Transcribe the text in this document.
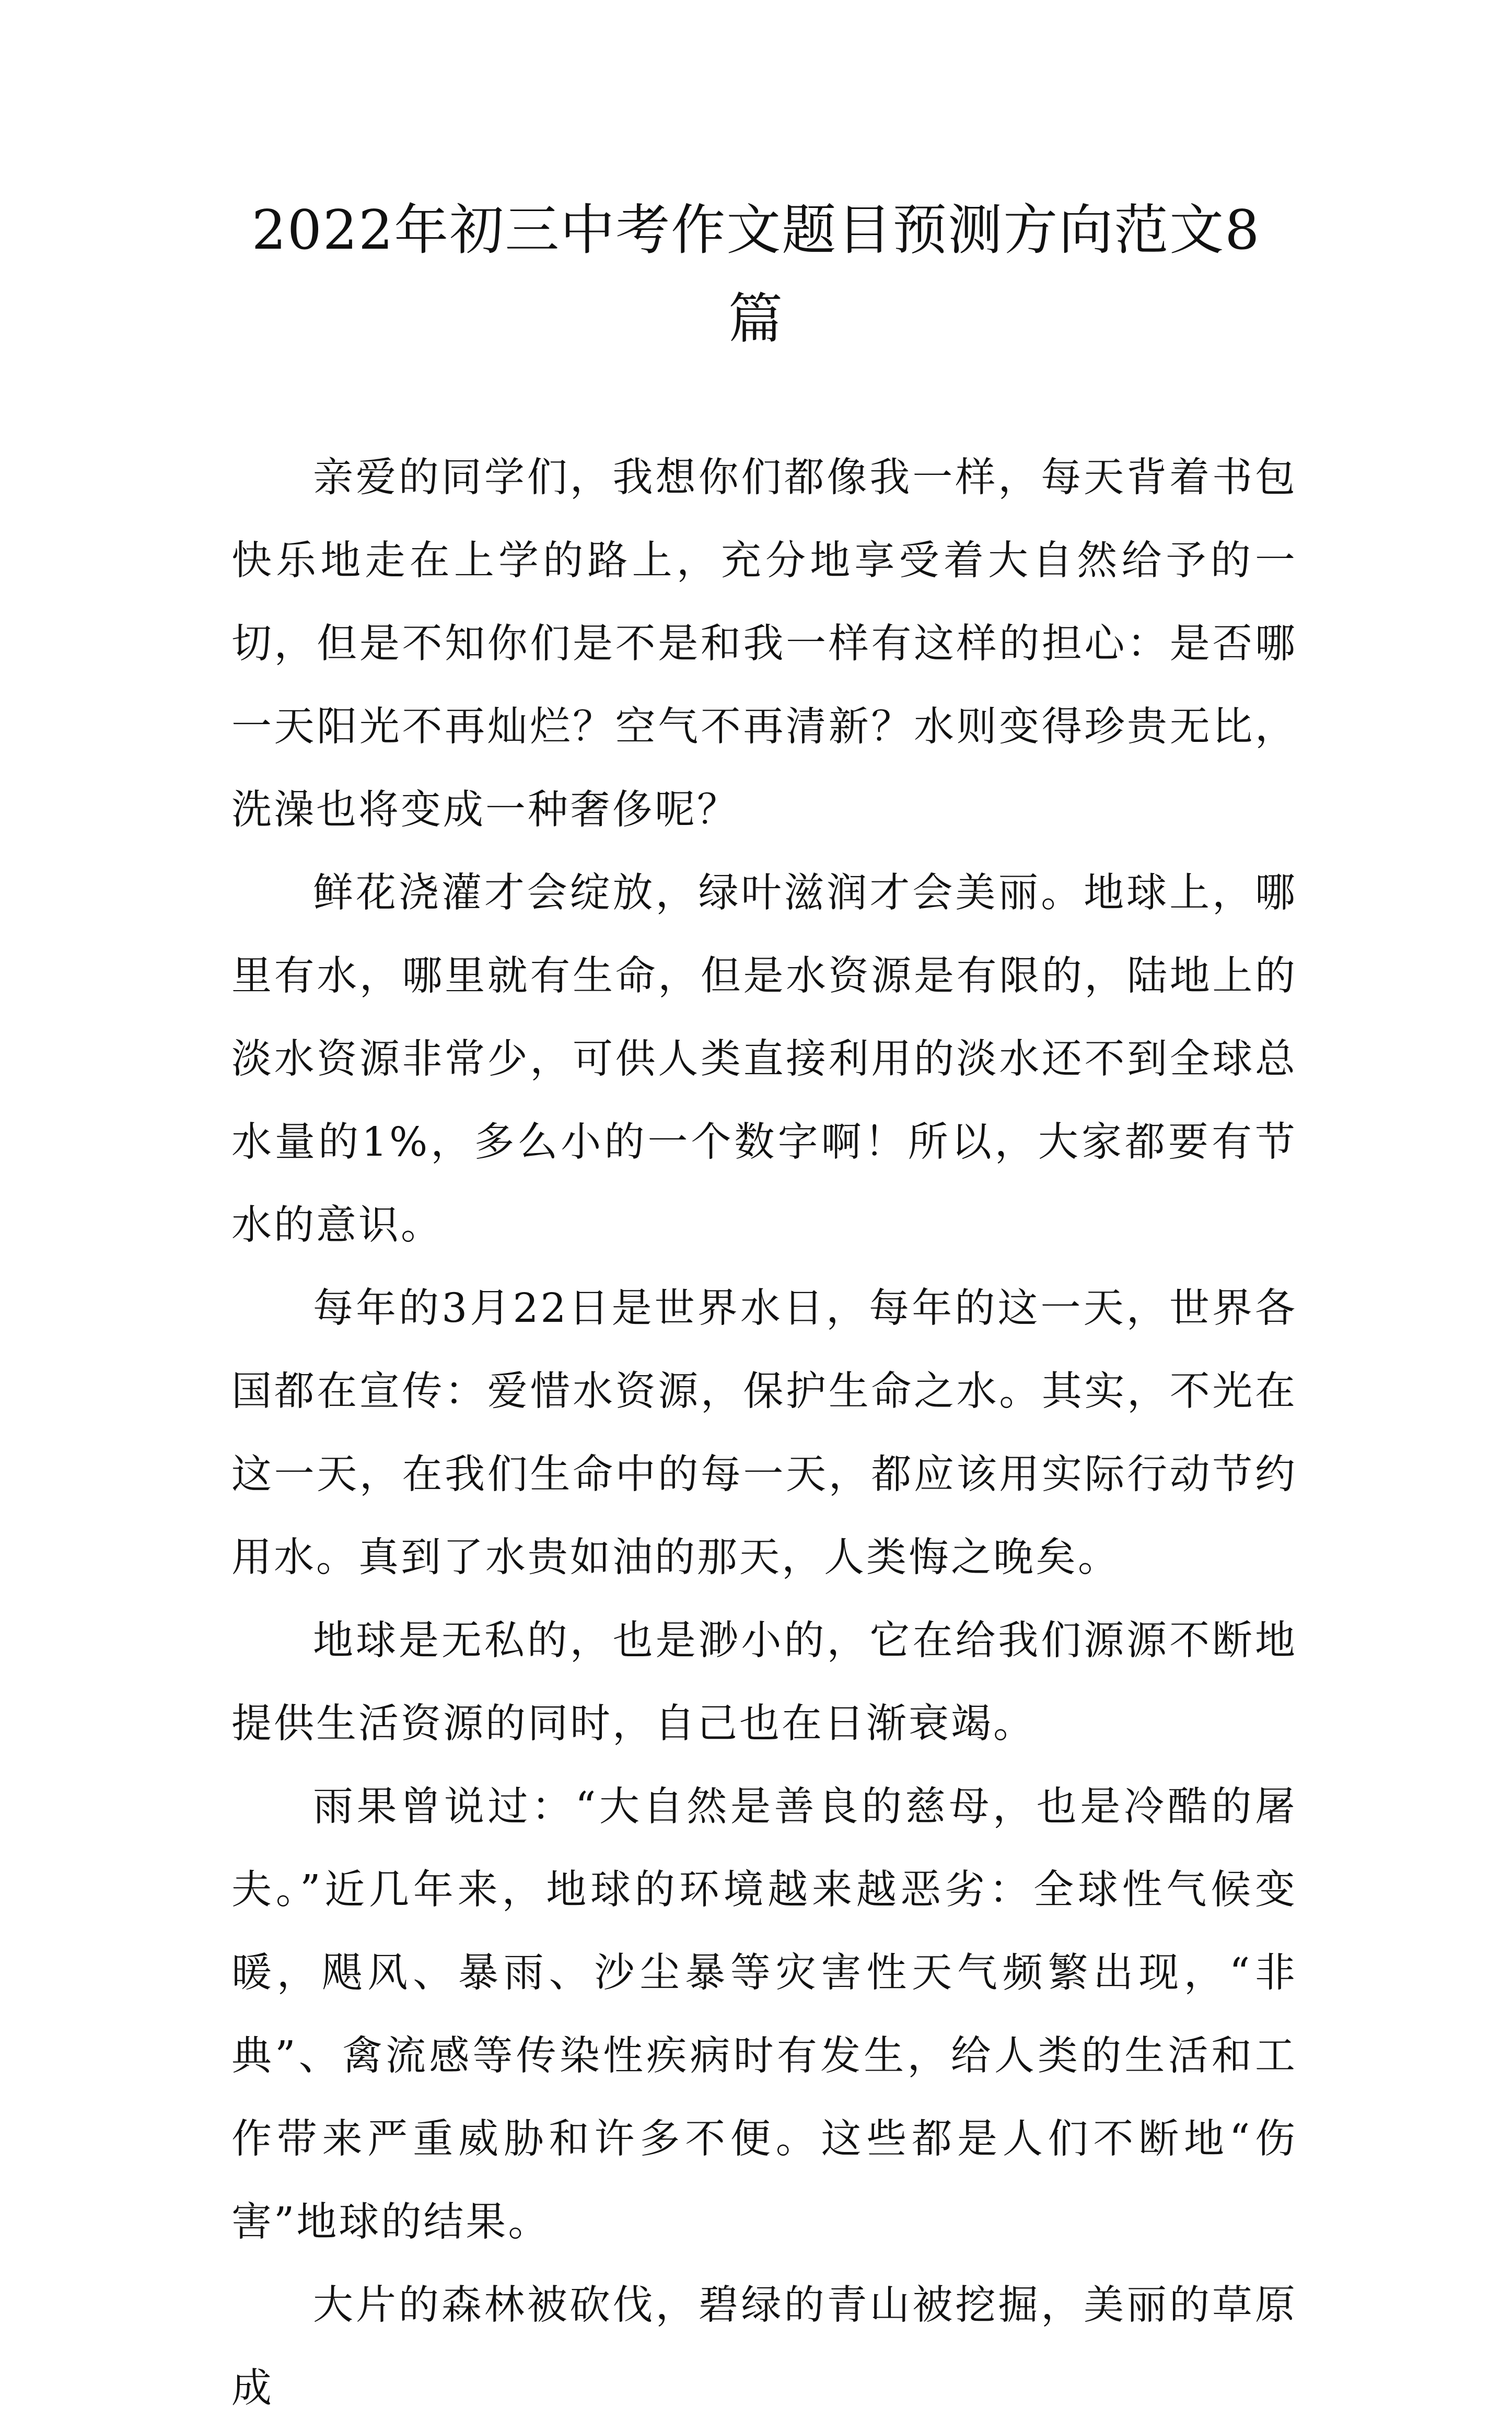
2022年初三中考作文题目预测方向范文8篇

亲爱的同学们，我想你们都像我一样，每天背着书包快乐地走在上学的路上，充分地享受着大自然给予的一切，但是不知你们是不是和我一样有这样的担心：是否哪一天阳光不再灿烂？空气不再清新？水则变得珍贵无比，洗澡也将变成一种奢侈呢？

鲜花浇灌才会绽放，绿叶滋润才会美丽。地球上，哪里有水，哪里就有生命，但是水资源是有限的，陆地上的淡水资源非常少，可供人类直接利用的淡水还不到全球总水量的1%，多么小的一个数字啊！所以，大家都要有节水的意识。

每年的3月22日是世界水日，每年的这一天，世界各国都在宣传：爱惜水资源，保护生命之水。其实，不光在这一天，在我们生命中的每一天，都应该用实际行动节约用水。真到了水贵如油的那天，人类悔之晚矣。

地球是无私的，也是渺小的，它在给我们源源不断地提供生活资源的同时，自己也在日渐衰竭。

雨果曾说过：“大自然是善良的慈母，也是冷酷的屠夫。”近几年来，地球的环境越来越恶劣：全球性气候变暖，飓风、暴雨、沙尘暴等灾害性天气频繁出现，“非典”、禽流感等传染性疾病时有发生，给人类的生活和工作带来严重威胁和许多不便。这些都是人们不断地“伤害”地球的结果。

大片的森林被砍伐，碧绿的青山被挖掘，美丽的草原成
